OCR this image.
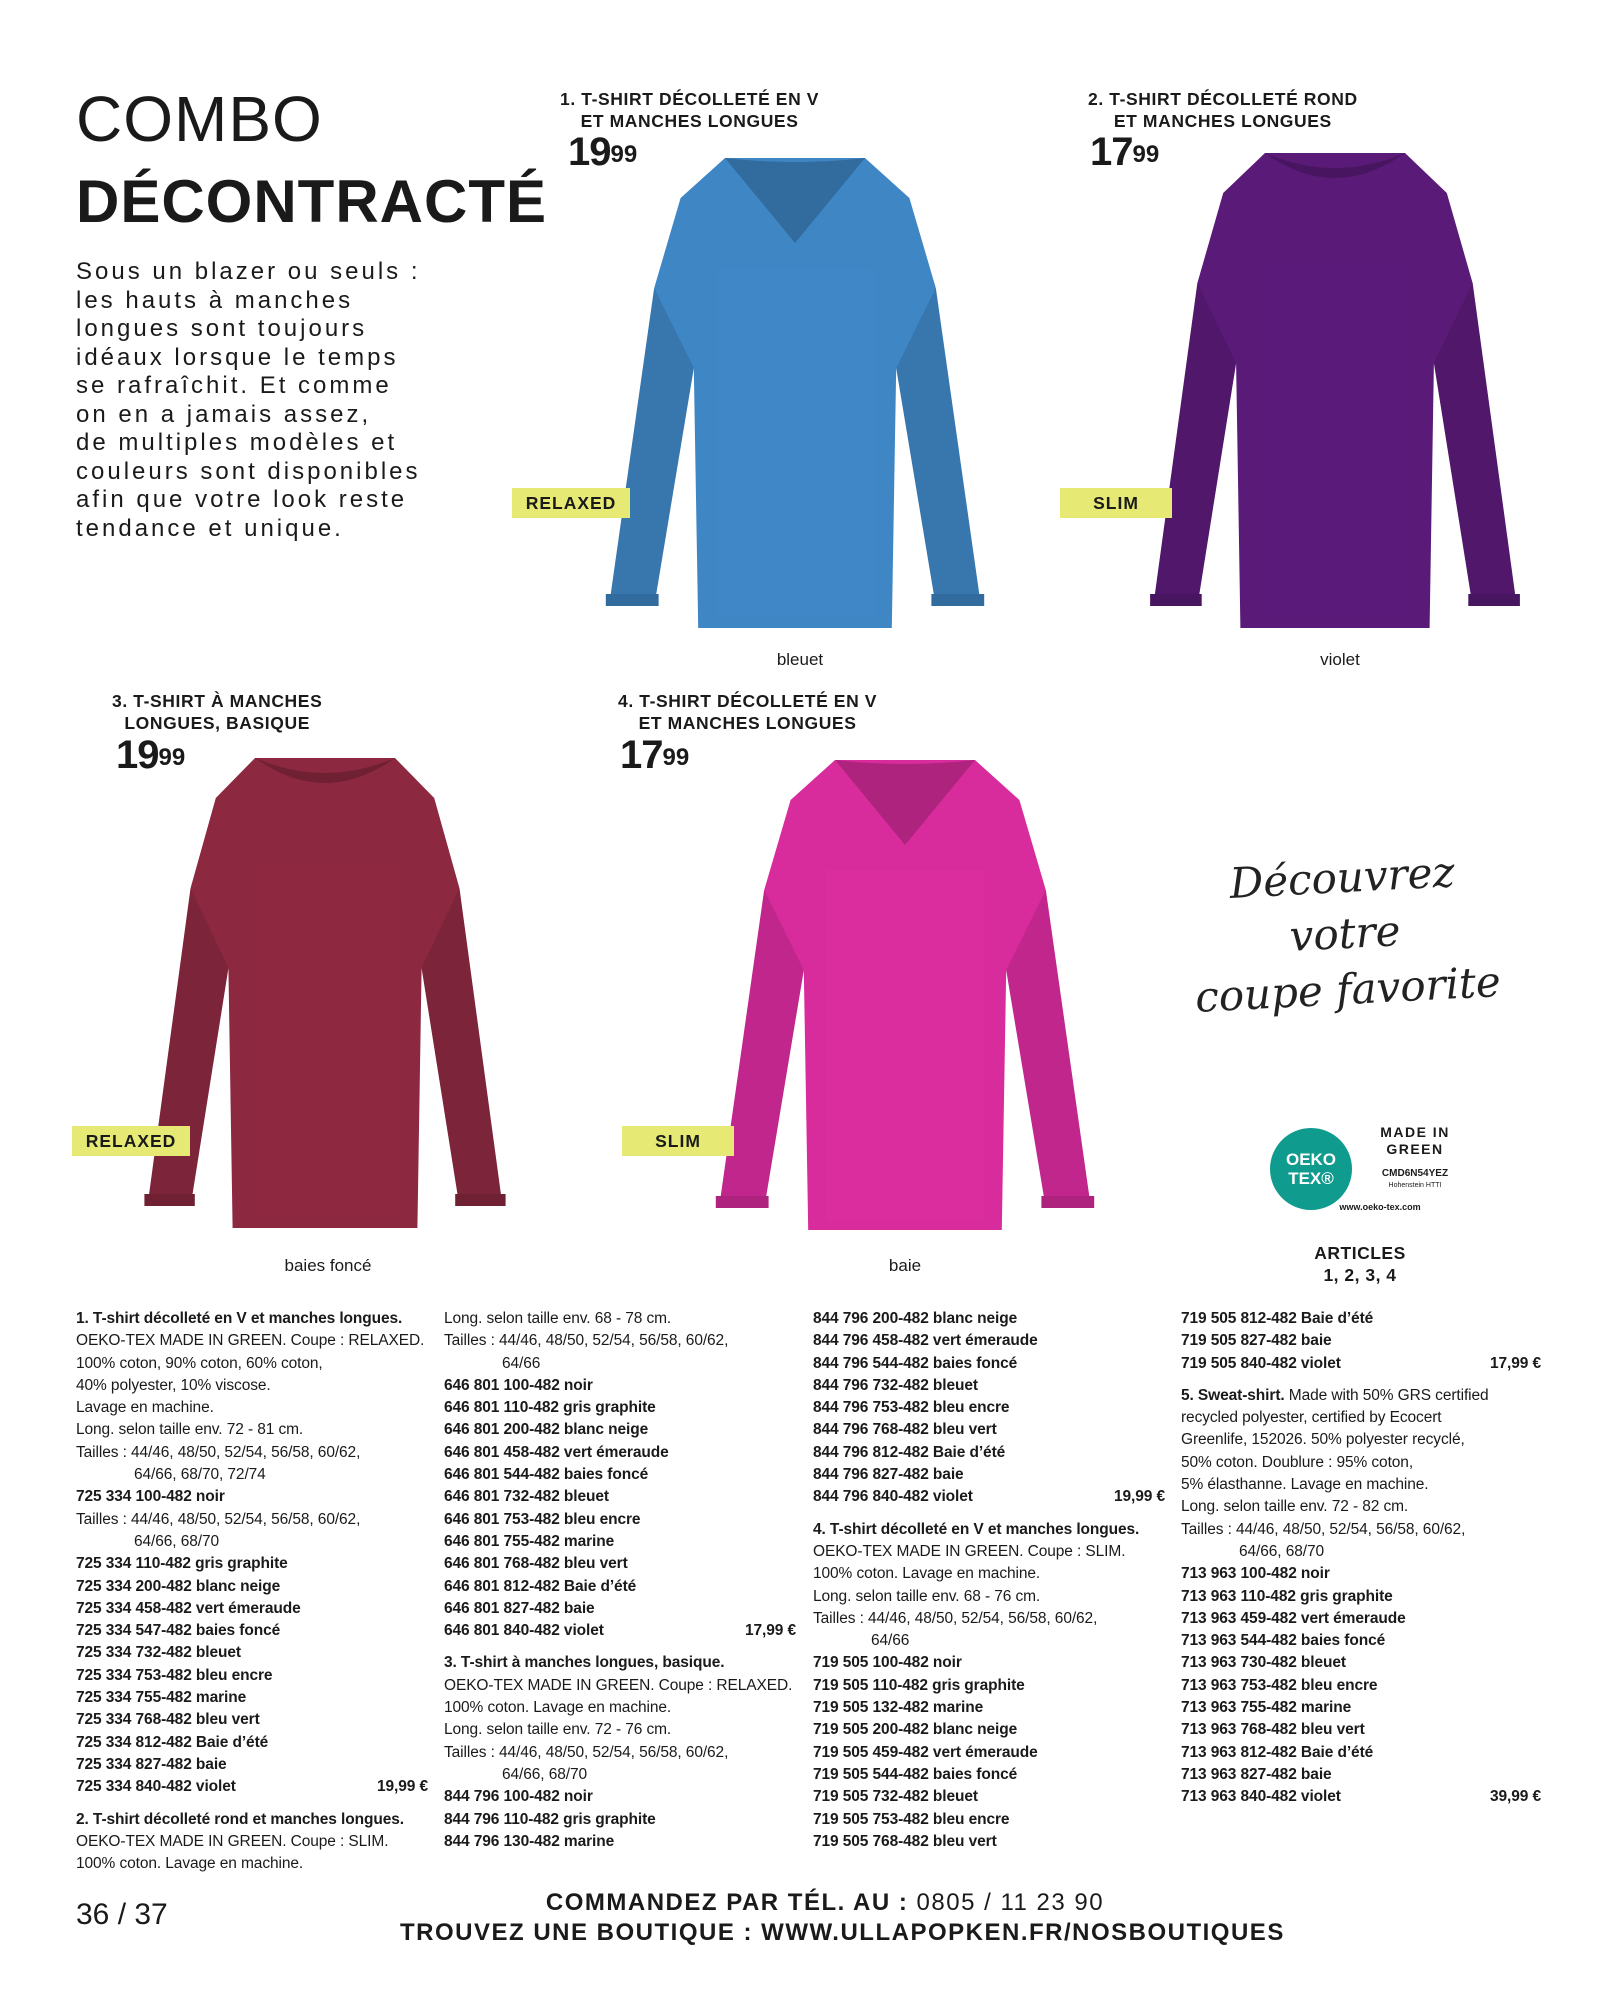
COMBO
DÉCONTRACTÉ
Sous un blazer ou seuls :
les hauts à manches
longues sont toujours
idéaux lorsque le temps
se rafraîchit. Et comme
on en a jamais assez,
de multiples modèles et
couleurs sont disponibles
afin que votre look reste
tendance et unique.
1. T-SHIRT DÉCOLLETÉ EN V
ET MANCHES LONGUES
$19^{99}$
RELAXED
bleuet
2. T-SHIRT DÉCOLLETÉ ROND
ET MANCHES LONGUES
$17^{99}$
SLIM
violet
3. T-SHIRT À MANCHES
LONGUES, BASIQUE
$19^{99}$
RELAXED
baies foncé
4. T-SHIRT DÉCOLLETÉ EN V
ET MANCHES LONGUES
$17^{99}$
SLIM
baie
Découvrez votre
coupe favorite
OEKO
TEX®
MADE IN
GREEN
CMD6N54YEZ
Hohenstein HTTI
www.oeko-tex.com
ARTICLES
1, 2, 3, 4
1. T-shirt décolleté en V et manches longues.
OEKO-TEX MADE IN GREEN. Coupe : RELAXED.
100% coton, 90% coton, 60% coton,
40% polyester, 10% viscose.
Lavage en machine.
Long. selon taille env. 72 - 81 cm.
Tailles : 44/46, 48/50, 52/54, 56/58, 60/62,
64/66, 68/70, 72/74
725 334 100-482 noir
Tailles : 44/46, 48/50, 52/54, 56/58, 60/62,
64/66, 68/70
725 334 110-482 gris graphite
725 334 200-482 blanc neige
725 334 458-482 vert émeraude
725 334 547-482 baies foncé
725 334 732-482 bleuet
725 334 753-482 bleu encre
725 334 755-482 marine
725 334 768-482 bleu vert
725 334 812-482 Baie d’été
725 334 827-482 baie
725 334 840-482 violet	19,99 €
2. T-shirt décolleté rond et manches longues.
OEKO-TEX MADE IN GREEN. Coupe : SLIM.
100% coton. Lavage en machine.
Long. selon taille env. 68 - 78 cm.
Tailles : 44/46, 48/50, 52/54, 56/58, 60/62,
64/66
646 801 100-482 noir
646 801 110-482 gris graphite
646 801 200-482 blanc neige
646 801 458-482 vert émeraude
646 801 544-482 baies foncé
646 801 732-482 bleuet
646 801 753-482 bleu encre
646 801 755-482 marine
646 801 768-482 bleu vert
646 801 812-482 Baie d’été
646 801 827-482 baie
646 801 840-482 violet	17,99 €
3. T-shirt à manches longues, basique.
OEKO-TEX MADE IN GREEN. Coupe : RELAXED.
100% coton. Lavage en machine.
Long. selon taille env. 72 - 76 cm.
Tailles : 44/46, 48/50, 52/54, 56/58, 60/62,
64/66, 68/70
844 796 100-482 noir
844 796 110-482 gris graphite
844 796 130-482 marine
844 796 200-482 blanc neige
844 796 458-482 vert émeraude
844 796 544-482 baies foncé
844 796 732-482 bleuet
844 796 753-482 bleu encre
844 796 768-482 bleu vert
844 796 812-482 Baie d’été
844 796 827-482 baie
844 796 840-482 violet	19,99 €
4. T-shirt décolleté en V et manches longues.
OEKO-TEX MADE IN GREEN. Coupe : SLIM.
100% coton. Lavage en machine.
Long. selon taille env. 68 - 76 cm.
Tailles : 44/46, 48/50, 52/54, 56/58, 60/62,
64/66
719 505 100-482 noir
719 505 110-482 gris graphite
719 505 132-482 marine
719 505 200-482 blanc neige
719 505 459-482 vert émeraude
719 505 544-482 baies foncé
719 505 732-482 bleuet
719 505 753-482 bleu encre
719 505 768-482 bleu vert
719 505 812-482 Baie d’été
719 505 827-482 baie
719 505 840-482 violet	17,99 €
5. Sweat-shirt. Made with 50% GRS certified
recycled polyester, certified by Ecocert
Greenlife, 152026. 50% polyester recyclé,
50% coton. Doublure : 95% coton,
5% élasthanne. Lavage en machine.
Long. selon taille env. 72 - 82 cm.
Tailles : 44/46, 48/50, 52/54, 56/58, 60/62,
64/66, 68/70
713 963 100-482 noir
713 963 110-482 gris graphite
713 963 459-482 vert émeraude
713 963 544-482 baies foncé
713 963 730-482 bleuet
713 963 753-482 bleu encre
713 963 755-482 marine
713 963 768-482 bleu vert
713 963 812-482 Baie d’été
713 963 827-482 baie
713 963 840-482 violet	39,99 €
36 / 37	COMMANDEZ PAR TÉL. AU : 0805 / 11 23 90
TROUVEZ UNE BOUTIQUE : WWW.ULLAPOPKEN.FR/NOSBOUTIQUES
